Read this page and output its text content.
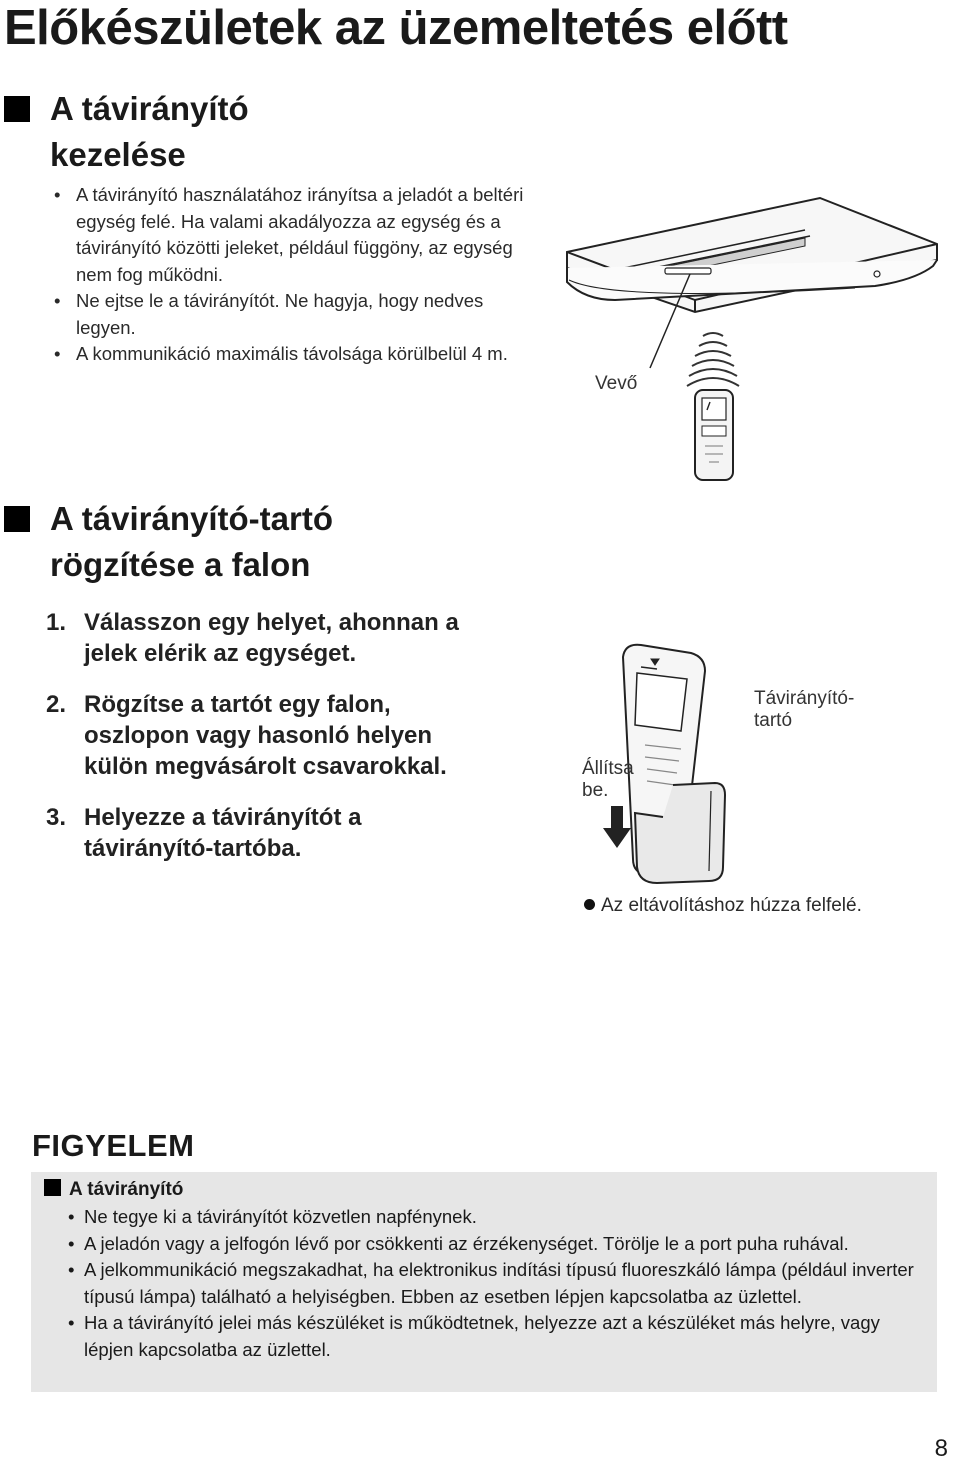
Előkészületek az üzemeltetés előtt
A távirányító
kezelése
• A távirányító használatához irányítsa a jeladót a beltéri egység felé. Ha valami akadályozza az egység és a távirányító közötti jeleket, például függöny, az egység nem fog működni.
• Ne ejtse le a távirányítót. Ne hagyja, hogy nedves legyen.
• A kommunikáció maximális távolsága körülbelül 4 m.
Vevő
A távirányító-tartó
rögzítése a falon
1. Válasszon egy helyet, ahonnan a jelek elérik az egységet.
2. Rögzítse a tartót egy falon, oszlopon vagy hasonló helyen külön megvásárolt csavarokkal.
3. Helyezze a távirányítót a távirányító-tartóba.
Állítsa
be.
Távirányító-
tartó
Az eltávolításhoz húzza felfelé.
FIGYELEM
A távirányító
• Ne tegye ki a távirányítót közvetlen napfénynek.
• A jeladón vagy a jelfogón lévő por csökkenti az érzékenységet. Törölje le a port puha ruhával.
• A jelkommunikáció megszakadhat, ha elektronikus indítási típusú fluoreszkáló lámpa (például inverter típusú lámpa) található a helyiségben. Ebben az esetben lépjen kapcsolatba az üzlettel.
• Ha a távirányító jelei más készüléket is működtetnek, helyezze azt a készüléket más helyre, vagy lépjen kapcsolatba az üzlettel.
8
